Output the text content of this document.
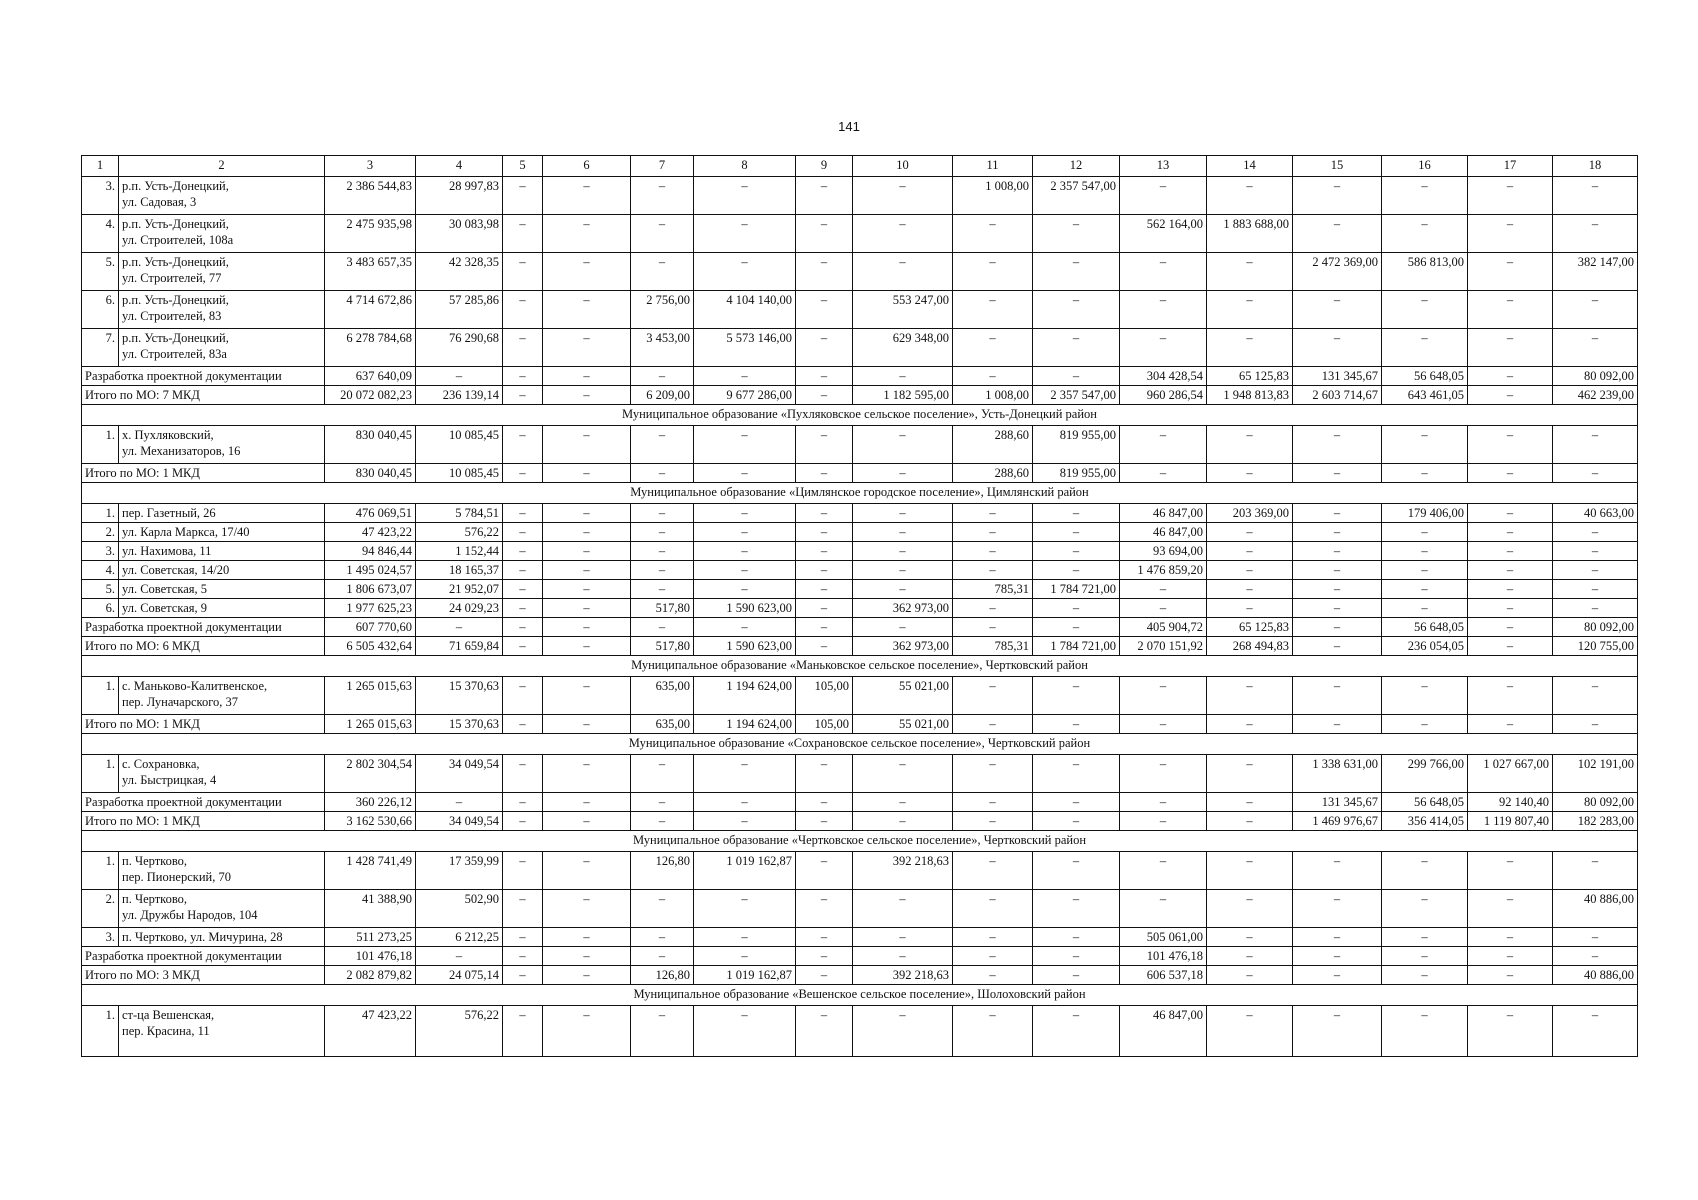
141
1	2	3	4	5	6	7	8	9	10	11	12	13	14	15	16	17	18
3.	р.п. Усть-Донецкий,
ул. Садовая, 3	2 386 544,83	28 997,83	–	–	–	–	–	–	1 008,00	2 357 547,00	–	–	–	–	–	–
4.	р.п. Усть-Донецкий,
ул. Строителей, 108а	2 475 935,98	30 083,98	–	–	–	–	–	–	–	–	562 164,00	1 883 688,00	–	–	–	–
5.	р.п. Усть-Донецкий,
ул. Строителей, 77	3 483 657,35	42 328,35	–	–	–	–	–	–	–	–	–	–	2 472 369,00	586 813,00	–	382 147,00
6.	р.п. Усть-Донецкий,
ул. Строителей, 83	4 714 672,86	57 285,86	–	–	2 756,00	4 104 140,00	–	553 247,00	–	–	–	–	–	–	–	–
7.	р.п. Усть-Донецкий,
ул. Строителей, 83а	6 278 784,68	76 290,68	–	–	3 453,00	5 573 146,00	–	629 348,00	–	–	–	–	–	–	–	–
Разработка проектной документации		637 640,09	–	–	–	–	–	–	–	–	–	304 428,54	65 125,83	131 345,67	56 648,05	–	80 092,00
Итого по МО: 7 МКД		20 072 082,23	236 139,14	–	–	6 209,00	9 677 286,00	–	1 182 595,00	1 008,00	2 357 547,00	960 286,54	1 948 813,83	2 603 714,67	643 461,05	–	462 239,00
Муниципальное образование «Пухляковское сельское поселение», Усть-Донецкий район																	
1.	х. Пухляковский,
ул. Механизаторов, 16	830 040,45	10 085,45	–	–	–	–	–	–	288,60	819 955,00	–	–	–	–	–	–
Итого по МО: 1 МКД		830 040,45	10 085,45	–	–	–	–	–	–	288,60	819 955,00	–	–	–	–	–	–
Муниципальное образование «Цимлянское городское поселение», Цимлянский район																	
1.	пер. Газетный, 26	476 069,51	5 784,51	–	–	–	–	–	–	–	–	46 847,00	203 369,00	–	179 406,00	–	40 663,00
2.	ул. Карла Маркса, 17/40	47 423,22	576,22	–	–	–	–	–	–	–	–	46 847,00	–	–	–	–	–
3.	ул. Нахимова, 11	94 846,44	1 152,44	–	–	–	–	–	–	–	–	93 694,00	–	–	–	–	–
4.	ул. Советская, 14/20	1 495 024,57	18 165,37	–	–	–	–	–	–	–	–	1 476 859,20	–	–	–	–	–
5.	ул. Советская, 5	1 806 673,07	21 952,07	–	–	–	–	–	–	785,31	1 784 721,00	–	–	–	–	–	–
6.	ул. Советская, 9	1 977 625,23	24 029,23	–	–	517,80	1 590 623,00	–	362 973,00	–	–	–	–	–	–	–	–
Разработка проектной документации		607 770,60	–	–	–	–	–	–	–	–	–	405 904,72	65 125,83	–	56 648,05	–	80 092,00
Итого по МО: 6 МКД		6 505 432,64	71 659,84	–	–	517,80	1 590 623,00	–	362 973,00	785,31	1 784 721,00	2 070 151,92	268 494,83	–	236 054,05	–	120 755,00
Муниципальное образование «Маньковское сельское поселение», Чертковский район																	
1.	с. Маньково-Калитвенское,
пер. Луначарского, 37	1 265 015,63	15 370,63	–	–	635,00	1 194 624,00	105,00	55 021,00	–	–	–	–	–	–	–	–
Итого по МО: 1 МКД		1 265 015,63	15 370,63	–	–	635,00	1 194 624,00	105,00	55 021,00	–	–	–	–	–	–	–	–
Муниципальное образование «Сохрановское сельское поселение», Чертковский район																	
1.	с. Сохрановка,
ул. Быстрицкая, 4	2 802 304,54	34 049,54	–	–	–	–	–	–	–	–	–	–	1 338 631,00	299 766,00	1 027 667,00	102 191,00
Разработка проектной документации		360 226,12	–	–	–	–	–	–	–	–	–	–	–	131 345,67	56 648,05	92 140,40	80 092,00
Итого по МО: 1 МКД		3 162 530,66	34 049,54	–	–	–	–	–	–	–	–	–	–	1 469 976,67	356 414,05	1 119 807,40	182 283,00
Муниципальное образование «Чертковское сельское поселение», Чертковский район																	
1.	п. Чертково,
пер. Пионерский, 70	1 428 741,49	17 359,99	–	–	126,80	1 019 162,87	–	392 218,63	–	–	–	–	–	–	–	–
2.	п. Чертково,
ул. Дружбы Народов, 104	41 388,90	502,90	–	–	–	–	–	–	–	–	–	–	–	–	–	40 886,00
3.	п. Чертково, ул. Мичурина, 28	511 273,25	6 212,25	–	–	–	–	–	–	–	–	505 061,00	–	–	–	–	–
Разработка проектной документации		101 476,18	–	–	–	–	–	–	–	–	–	101 476,18	–	–	–	–	–
Итого по МО: 3 МКД		2 082 879,82	24 075,14	–	–	126,80	1 019 162,87	–	392 218,63	–	–	606 537,18	–	–	–	–	40 886,00
Муниципальное образование «Вешенское сельское поселение», Шолоховский район																	
1.	ст-ца Вешенская,
пер. Красина, 11	47 423,22	576,22	–	–	–	–	–	–	–	–	46 847,00	–	–	–	–	–
